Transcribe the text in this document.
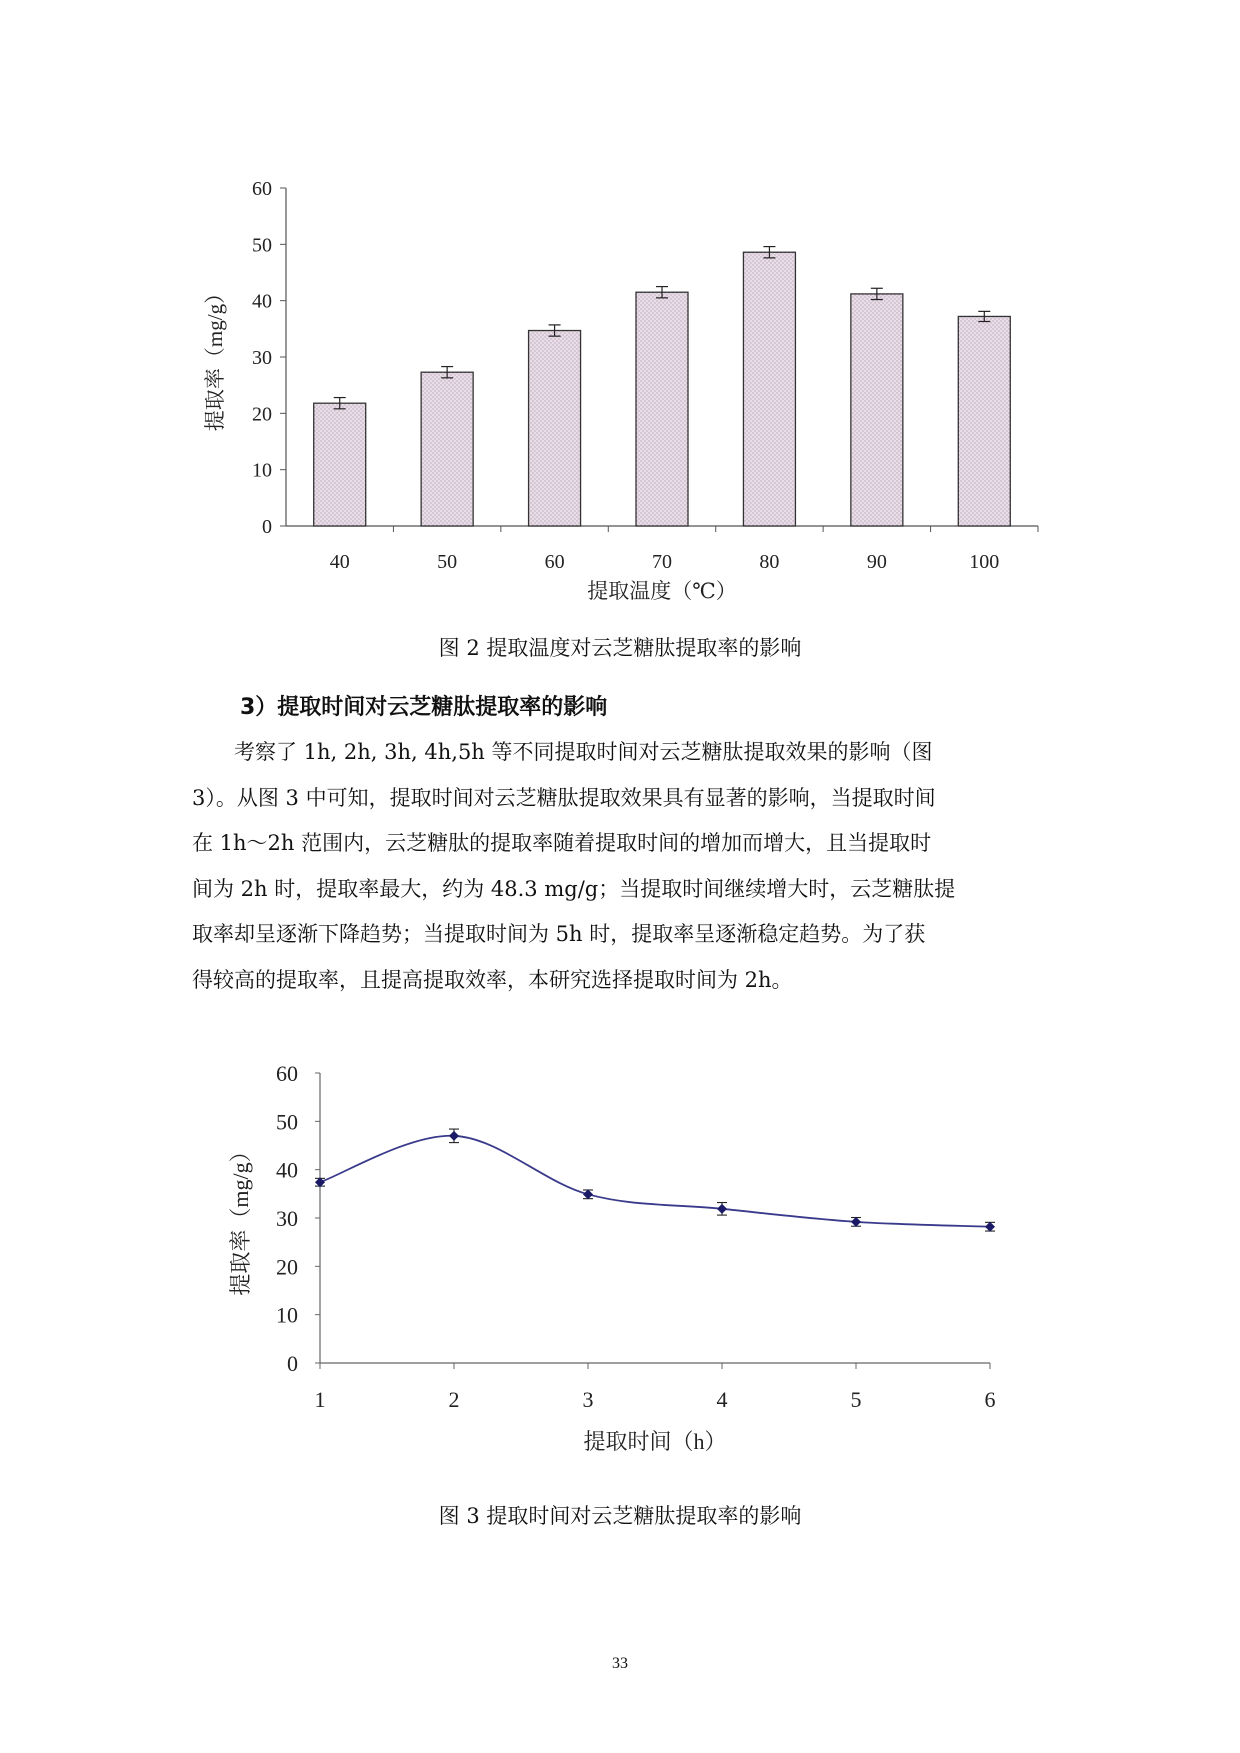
0
10
20
30
40
50
60
40	50	60	70	80	90	100
提取温度（℃）
提取率（mg/g）
图 2 提取温度对云芝糖肽提取率的影响
3）提取时间对云芝糖肽提取率的影响
考察了 1h, 2h, 3h, 4h,5h 等不同提取时间对云芝糖肽提取效果的影响（图
3）。从图 3 中可知，提取时间对云芝糖肽提取效果具有显著的影响，当提取时间
在 1h～2h 范围内，云芝糖肽的提取率随着提取时间的增加而增大，且当提取时
间为 2h 时，提取率最大，约为 48.3 mg/g；当提取时间继续增大时，云芝糖肽提
取率却呈逐渐下降趋势；当提取时间为 5h 时，提取率呈逐渐稳定趋势。为了获
得较高的提取率，且提高提取效率，本研究选择提取时间为 2h。
0
10
20
30
40
50
60
1	2	3	4	5	6
提取时间（h）
提取率（mg/g）
图 3 提取时间对云芝糖肽提取率的影响
33
